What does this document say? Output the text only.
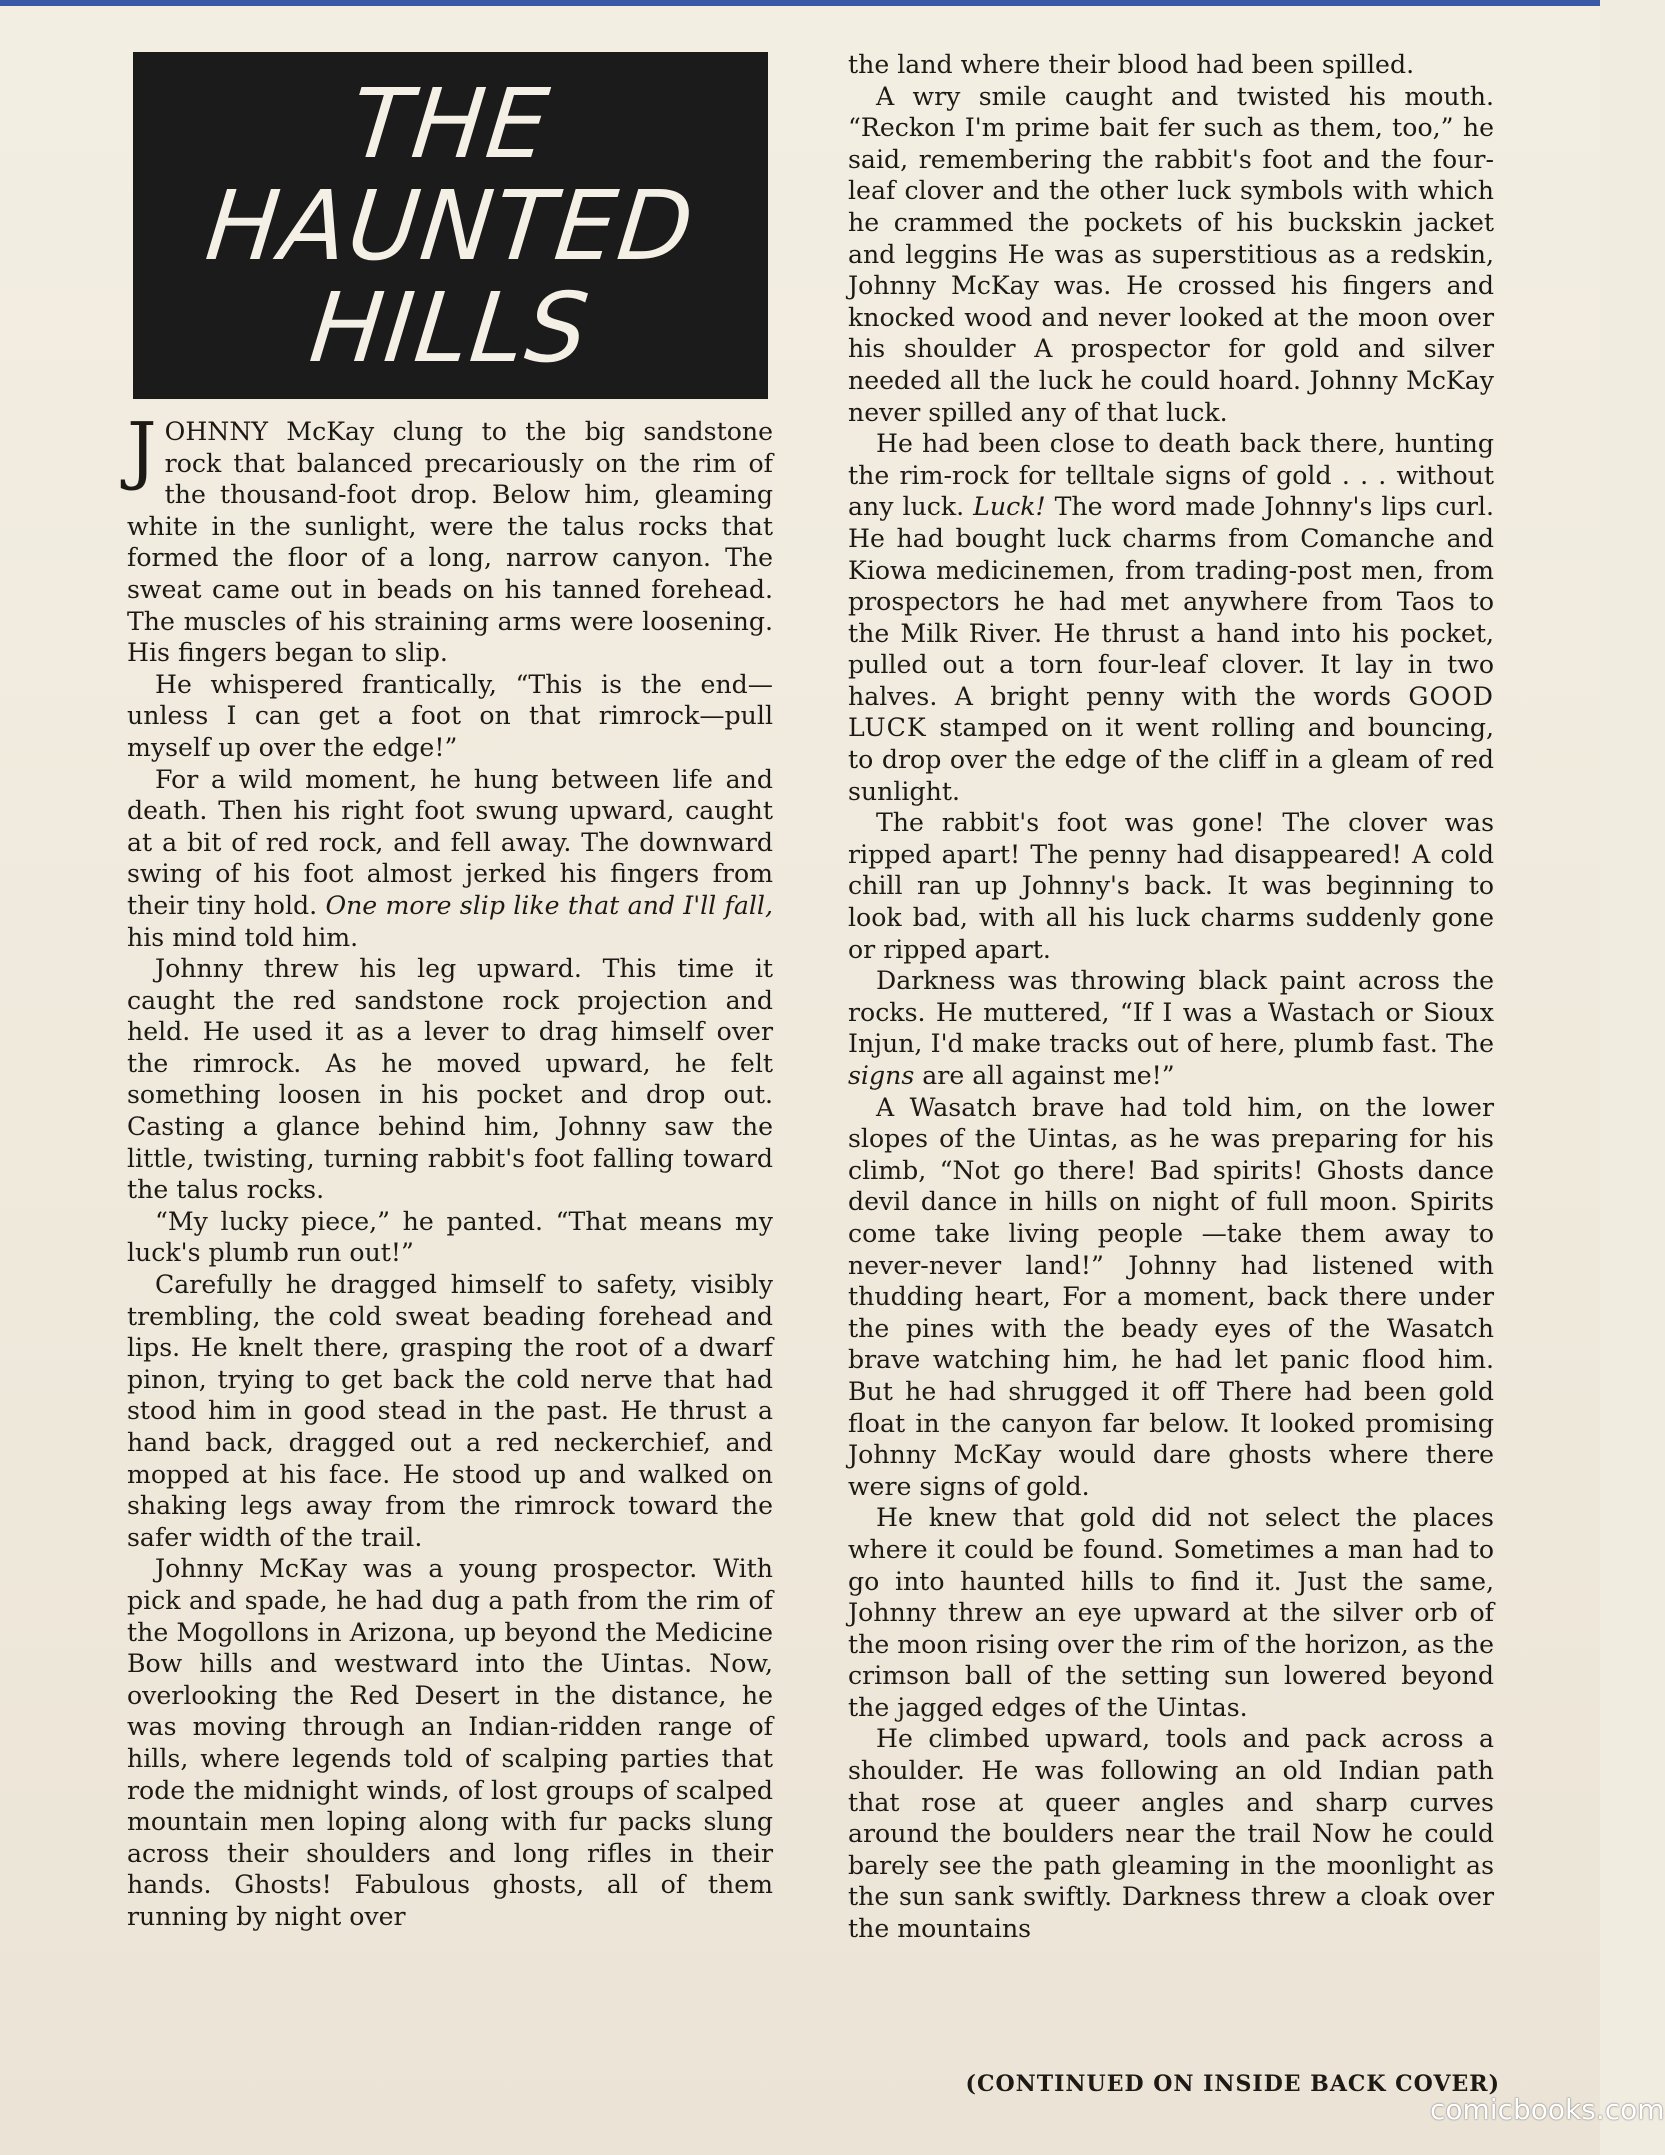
THE
HAUNTED
HILLS

JOHNNY McKay clung to the big sandstone rock that balanced precariously on the rim of the thousand-foot drop. Below him, gleaming white in the sunlight, were the talus rocks that formed the floor of a long, narrow canyon. The sweat came out in beads on his tanned forehead. The muscles of his straining arms were loosening. His fingers began to slip.

He whispered frantically, “This is the end—unless I can get a foot on that rimrock—pull myself up over the edge!”

For a wild moment, he hung between life and death. Then his right foot swung upward, caught at a bit of red rock, and fell away. The downward swing of his foot almost jerked his fingers from their tiny hold. One more slip like that and I'll fall, his mind told him.

Johnny threw his leg upward. This time it caught the red sandstone rock projection and held. He used it as a lever to drag himself over the rimrock. As he moved upward, he felt something loosen in his pocket and drop out. Casting a glance behind him, Johnny saw the little, twisting, turning rabbit's foot falling toward the talus rocks.

“My lucky piece,” he panted. “That means my luck's plumb run out!”

Carefully he dragged himself to safety, visibly trembling, the cold sweat beading forehead and lips. He knelt there, grasping the root of a dwarf pinon, trying to get back the cold nerve that had stood him in good stead in the past. He thrust a hand back, dragged out a red neckerchief, and mopped at his face. He stood up and walked on shaking legs away from the rimrock toward the safer width of the trail.

Johnny McKay was a young prospector. With pick and spade, he had dug a path from the rim of the Mogollons in Arizona, up beyond the Medicine Bow hills and westward into the Uintas. Now, overlooking the Red Desert in the distance, he was moving through an Indian-ridden range of hills, where legends told of scalping parties that rode the midnight winds, of lost groups of scalped mountain men loping along with fur packs slung across their shoulders and long rifles in their hands. Ghosts! Fabulous ghosts, all of them running by night over

the land where their blood had been spilled.

A wry smile caught and twisted his mouth. “Reckon I'm prime bait fer such as them, too,” he said, remembering the rabbit's foot and the four-leaf clover and the other luck symbols with which he crammed the pockets of his buckskin jacket and leggins He was as superstitious as a redskin, Johnny McKay was. He crossed his fingers and knocked wood and never looked at the moon over his shoulder A prospector for gold and silver needed all the luck he could hoard. Johnny McKay never spilled any of that luck.

He had been close to death back there, hunting the rim-rock for telltale signs of gold . . . without any luck. Luck! The word made Johnny's lips curl. He had bought luck charms from Comanche and Kiowa medicinemen, from trading-post men, from prospectors he had met anywhere from Taos to the Milk River. He thrust a hand into his pocket, pulled out a torn four-leaf clover. It lay in two halves. A bright penny with the words GOOD LUCK stamped on it went rolling and bouncing, to drop over the edge of the cliff in a gleam of red sunlight.

The rabbit's foot was gone! The clover was ripped apart! The penny had disappeared! A cold chill ran up Johnny's back. It was beginning to look bad, with all his luck charms suddenly gone or ripped apart.

Darkness was throwing black paint across the rocks. He muttered, “If I was a Wastach or Sioux Injun, I'd make tracks out of here, plumb fast. The signs are all against me!”

A Wasatch brave had told him, on the lower slopes of the Uintas, as he was preparing for his climb, “Not go there! Bad spirits! Ghosts dance devil dance in hills on night of full moon. Spirits come take living people —take them away to never-never land!” Johnny had listened with thudding heart, For a moment, back there under the pines with the beady eyes of the Wasatch brave watching him, he had let panic flood him. But he had shrugged it off There had been gold float in the canyon far below. It looked promising Johnny McKay would dare ghosts where there were signs of gold.

He knew that gold did not select the places where it could be found. Sometimes a man had to go into haunted hills to find it. Just the same, Johnny threw an eye upward at the silver orb of the moon rising over the rim of the horizon, as the crimson ball of the setting sun lowered beyond the jagged edges of the Uintas.

He climbed upward, tools and pack across a shoulder. He was following an old Indian path that rose at queer angles and sharp curves around the boulders near the trail Now he could barely see the path gleaming in the moonlight as the sun sank swiftly. Darkness threw a cloak over the mountains

(CONTINUED ON INSIDE BACK COVER)
comicbooks.com
